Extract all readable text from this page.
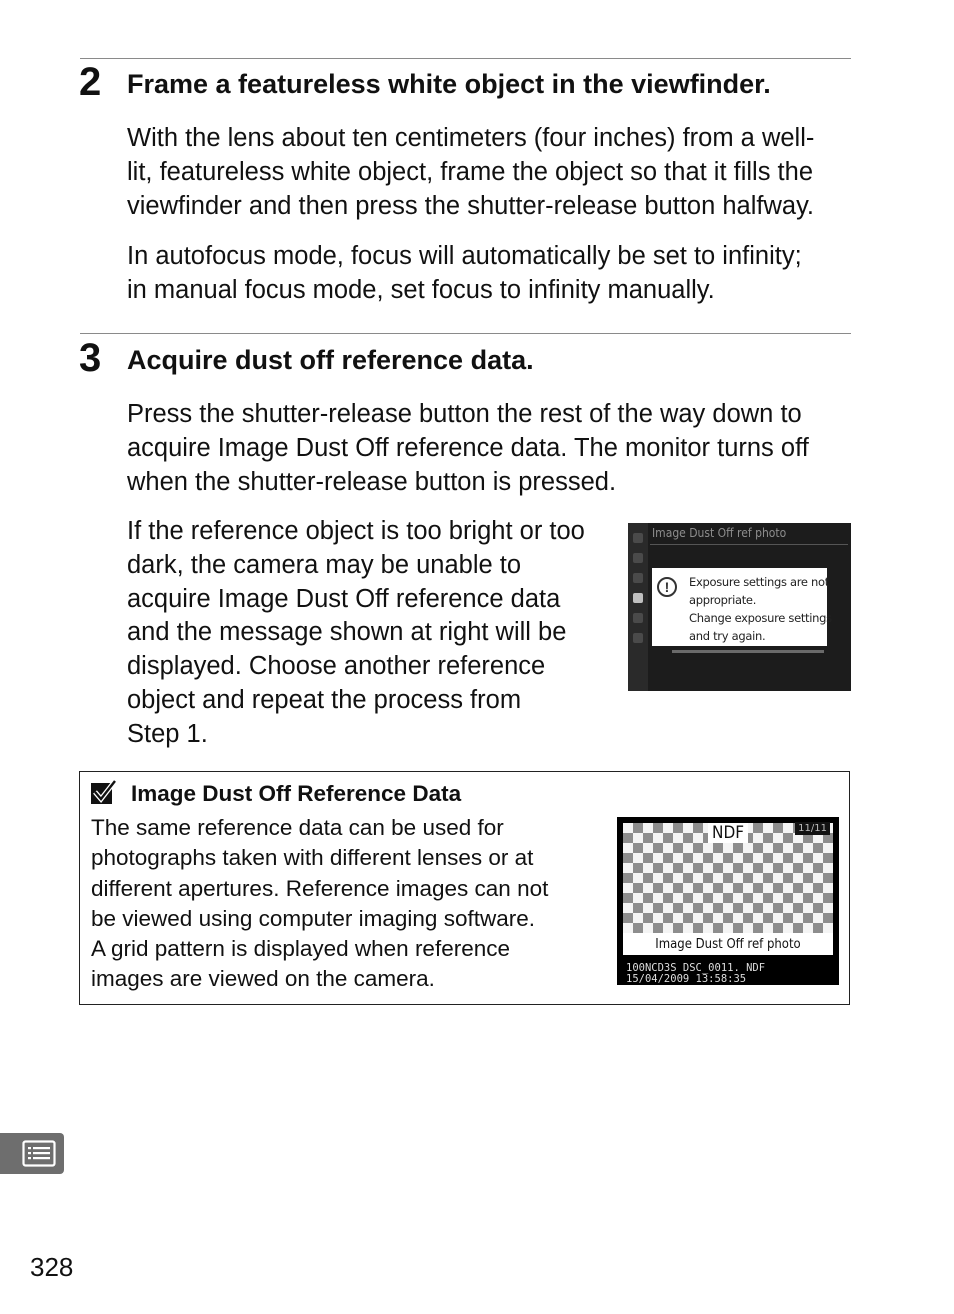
2 Frame a featureless white object in the viewfinder.

With the lens about ten centimeters (four inches) from a well-
lit, featureless white object, frame the object so that it fills the
viewfinder and then press the shutter-release button halfway.

In autofocus mode, focus will automatically be set to infinity;
in manual focus mode, set focus to infinity manually.

3 Acquire dust off reference data.

Press the shutter-release button the rest of the way down to
acquire Image Dust Off reference data. The monitor turns off
when the shutter-release button is pressed.

If the reference object is too bright or too
dark, the camera may be unable to
acquire Image Dust Off reference data
and the message shown at right will be
displayed. Choose another reference
object and repeat the process from
Step 1.

Image Dust Off ref photo
!	Exposure settings are not
appropriate.
Change exposure settings
and try again.
Image Dust Off Reference Data

The same reference data can be used for
photographs taken with different lenses or at
different apertures. Reference images can not
be viewed using computer imaging software.
A grid pattern is displayed when reference
images are viewed on the camera.

NDF	11/11
Image Dust Off ref photo
100NCD3S DSC_0011. NDF
15/04/2009 13:58:35
328
